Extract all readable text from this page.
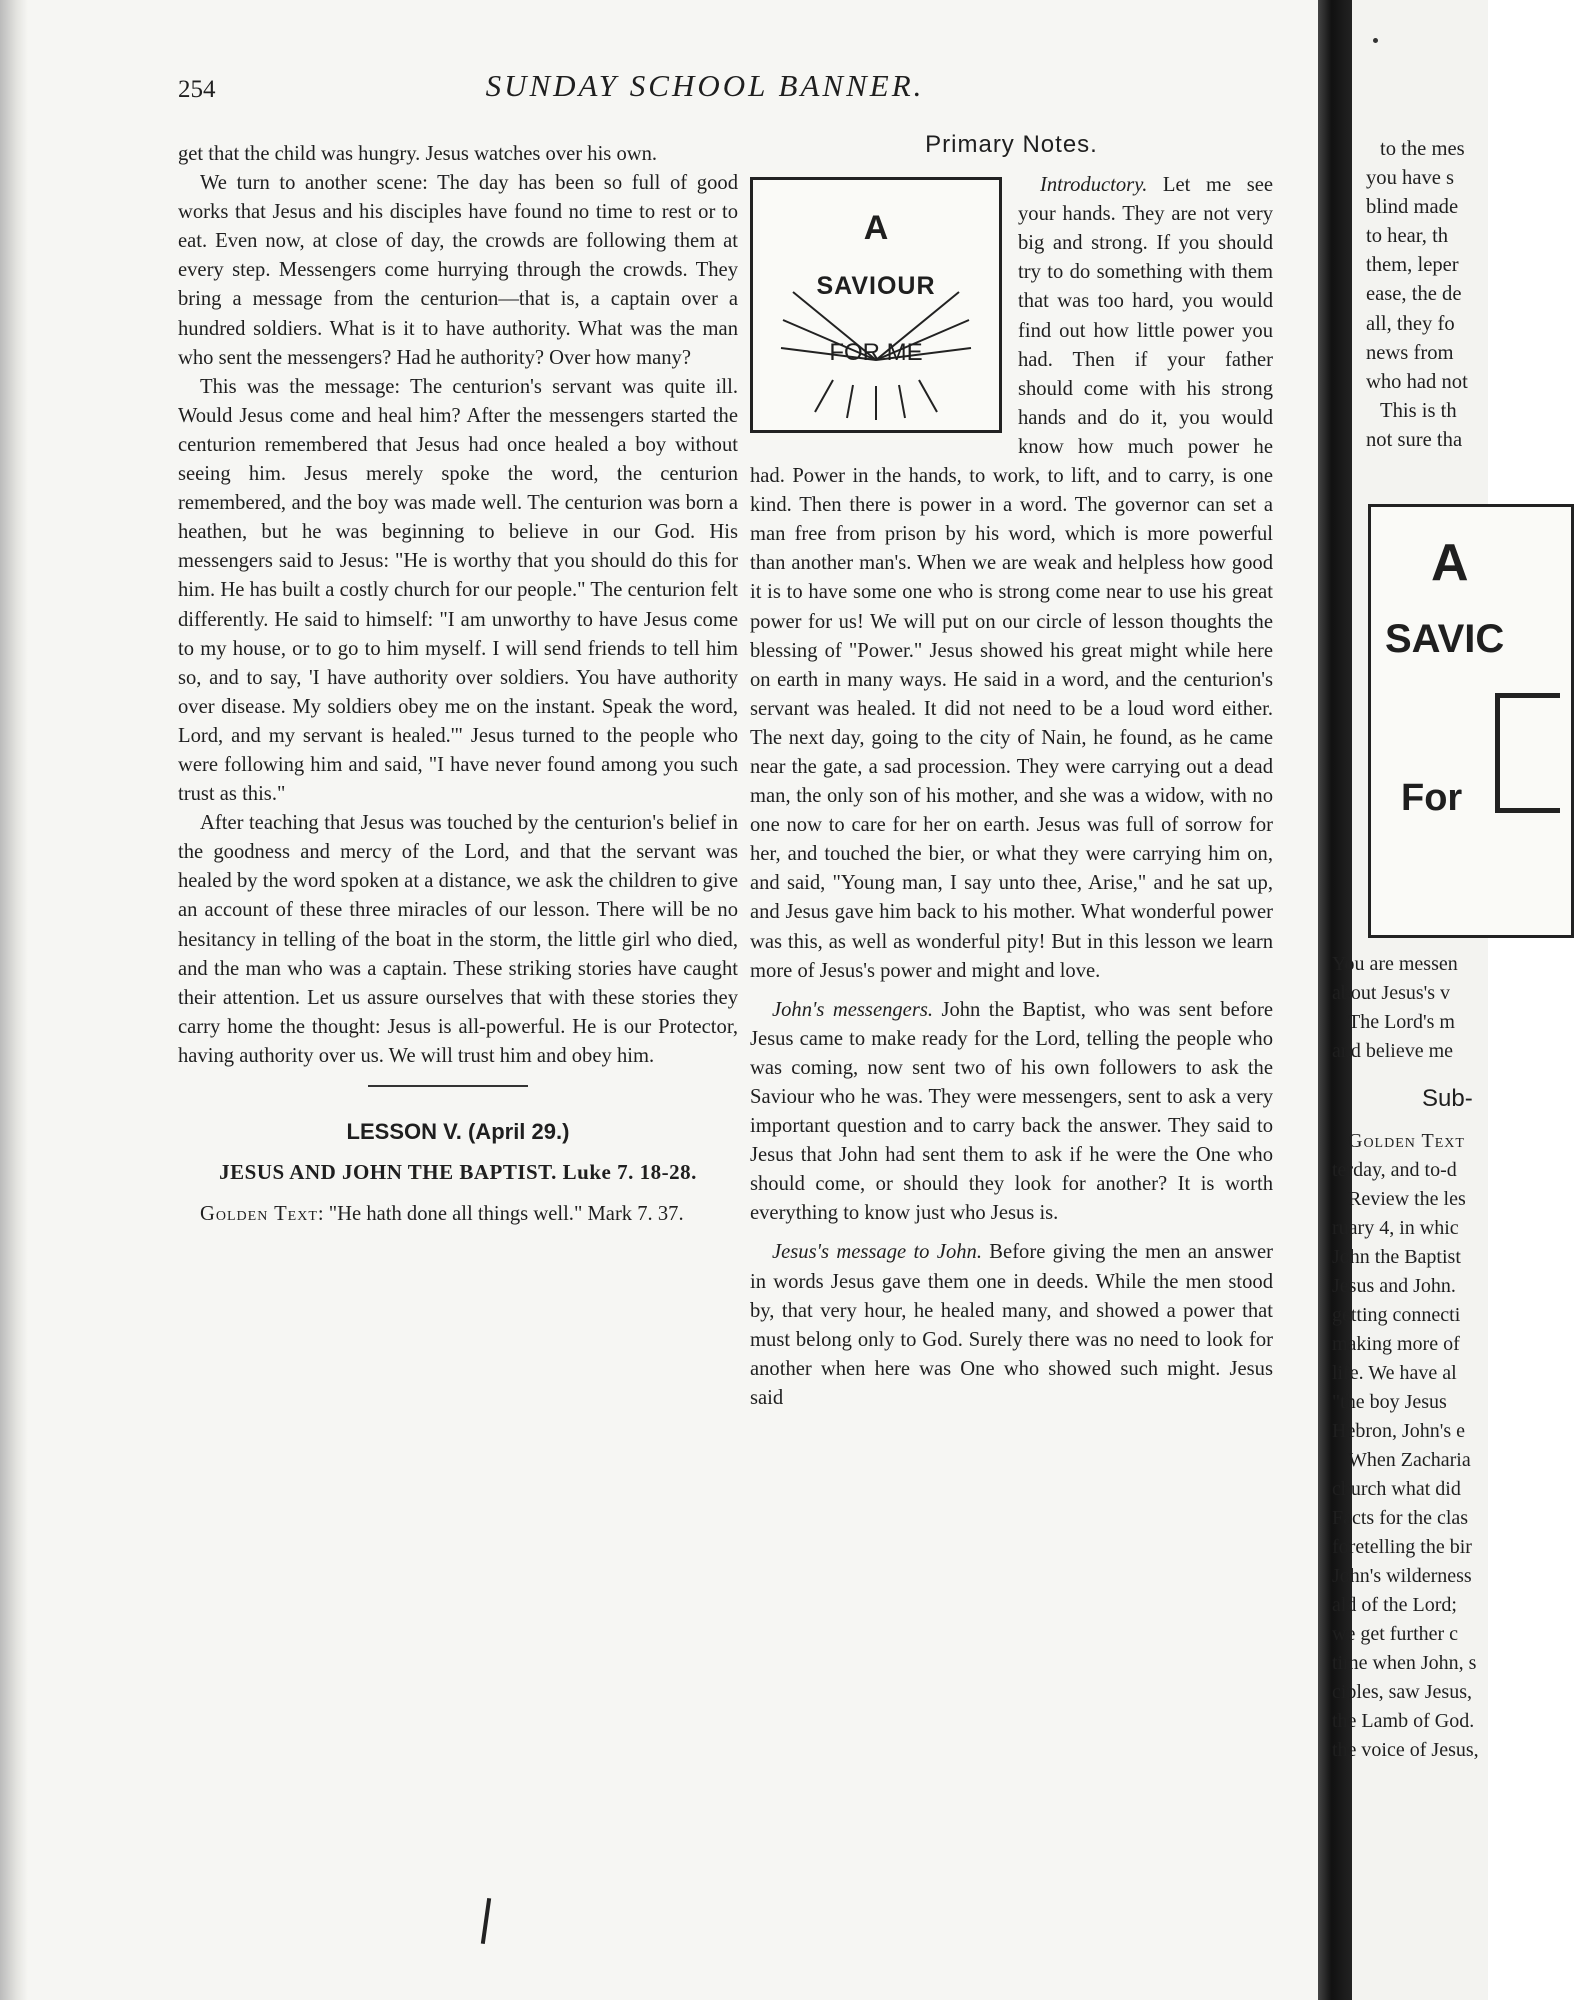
254	SUNDAY SCHOOL BANNER.

get that the child was hungry. Jesus watches over his own.

We turn to another scene: The day has been so full of good works that Jesus and his disciples have found no time to rest or to eat. Even now, at close of day, the crowds are following them at every step. Messengers come hurrying through the crowds. They bring a message from the centurion—that is, a captain over a hundred soldiers. What is it to have authority. What was the man who sent the messengers? Had he authority? Over how many?

This was the message: The centurion's servant was quite ill. Would Jesus come and heal him? After the messengers started the centurion remembered that Jesus had once healed a boy without seeing him. Jesus merely spoke the word, the centurion remembered, and the boy was made well. The centurion was born a heathen, but he was beginning to believe in our God. His messengers said to Jesus: "He is worthy that you should do this for him. He has built a costly church for our people." The centurion felt differently. He said to himself: "I am unworthy to have Jesus come to my house, or to go to him myself. I will send friends to tell him so, and to say, 'I have authority over soldiers. You have authority over disease. My soldiers obey me on the instant. Speak the word, Lord, and my servant is healed.'" Jesus turned to the people who were following him and said, "I have never found among you such trust as this."

After teaching that Jesus was touched by the centurion's belief in the goodness and mercy of the Lord, and that the servant was healed by the word spoken at a distance, we ask the children to give an account of these three miracles of our lesson. There will be no hesitancy in telling of the boat in the storm, the little girl who died, and the man who was a captain. These striking stories have caught their attention. Let us assure ourselves that with these stories they carry home the thought: Jesus is all-powerful. He is our Protector, having authority over us. We will trust him and obey him.

LESSON V. (April 29.)
JESUS AND JOHN THE BAPTIST. Luke 7. 18-28.

Golden Text: "He hath done all things well." Mark 7. 37.

Primary Notes.
A
SAVIOUR
FOR ME

Introductory. Let me see your hands. They are not very big and strong. If you should try to do something with them that was too hard, you would find out how little power you had. Then if your father should come with his strong hands and do it, you would know how much power he had. Power in the hands, to work, to lift, and to carry, is one kind. Then there is power in a word. The governor can set a man free from prison by his word, which is more powerful than another man's. When we are weak and helpless how good it is to have some one who is strong come near to use his great power for us! We will put on our circle of lesson thoughts the blessing of "Power." Jesus showed his great might while here on earth in many ways. He said in a word, and the centurion's servant was healed. It did not need to be a loud word either. The next day, going to the city of Nain, he found, as he came near the gate, a sad procession. They were carrying out a dead man, the only son of his mother, and she was a widow, with no one now to care for her on earth. Jesus was full of sorrow for her, and touched the bier, or what they were carrying him on, and said, "Young man, I say unto thee, Arise," and he sat up, and Jesus gave him back to his mother. What wonderful power was this, as well as wonderful pity! But in this lesson we learn more of Jesus's power and might and love.

John's messengers. John the Baptist, who was sent before Jesus came to make ready for the Lord, telling the people who was coming, now sent two of his own followers to ask the Saviour who he was. They were messengers, sent to ask a very important question and to carry back the answer. They said to Jesus that John had sent them to ask if he were the One who should come, or should they look for another? It is worth everything to know just who Jesus is.

Jesus's message to John. Before giving the men an answer in words Jesus gave them one in deeds. While the men stood by, that very hour, he healed many, and showed a power that must belong only to God. Surely there was no need to look for another when here was One who showed such might. Jesus said

to the mes
you have s
blind made
to hear, th
them, leper
ease, the de
all, they fo
news from
who had not
This is th
not sure tha
A
SAVIC
For
You are messen
about Jesus's v
The Lord's m
and believe me
Sub-
Golden Text
terday, and to-d
Review the les
ruary 4, in whic
John the Baptist
Jesus and John.
getting connecti
making more of
life. We have al
"the boy Jesus
Hebron, John's e
When Zacharia
church what did
Facts for the clas
foretelling the bir
John's wilderness
ald of the Lord;
we get further c
time when John, s
ciples, saw Jesus,
the Lamb of God.
the voice of Jesus,
